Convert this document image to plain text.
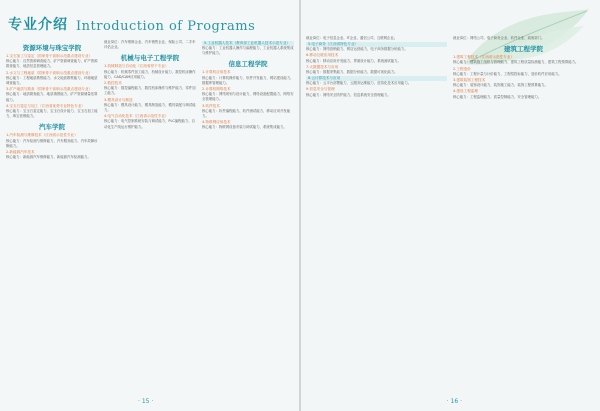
专业介绍 Introduction of Programs
资源环境与珠宝学院
1.宝石加工与鉴定（国家骨干高职示范重点建设专业）
核心能力：自然资源调查能力、矿产资源调查能力、矿产资源勘查能力、地质信息管理能力。
2.水文与工程地质（国家骨干高职示范重点建设专业）
核心能力：工程地质勘察能力、水文地质勘察能力、环境地质调查能力。
3.矿产地质与勘查（国家骨干高职示范重点建设专业）
核心能力：地质勘查能力、地质填图能力、矿产资源储量估算能力。
4.宝玉石鉴定与加工（江西省优势专业特色专业）
核心能力：宝玉石鉴定能力、宝玉石设计能力、宝玉石加工能力、珠宝营销能力。
汽车学院
1.汽车检测与维修技术（江西省示范性专业）
核心能力：汽车检测与维修能力、汽车服务能力、汽车故障诊断能力。
2.新能源汽车技术
核心能力：新能源汽车维修能力、新能源汽车检测能力。
就业岗位：汽车维修企业、汽车销售企业、保险公司、二手车评估企业。
机械与电子工程学院
1.机械制造与自动化（江西省骨干专业）
核心能力：机械零件加工能力、机械设计能力、数控机床操作能力、CAD/CAM应用能力。
2.数控技术
核心能力：数控编程能力、数控机床操作与维护能力、零件加工能力。
3.模具设计与制造
核心能力：模具设计能力、模具制造能力、模具装配与调试能力。
4.电气自动化技术（江西省示范性专业）
核心能力：电气控制系统安装与调试能力、PLC编程能力、自动化生产线运行维护能力。
5.工业机器人技术（教育部工业机器人技术示范专业）
核心能力：工业机器人操作与编程能力、工业机器人系统集成与维护能力。
信息工程学院
1.计算机应用技术
核心能力：计算机操作能力、软件开发能力、网站建设能力、数据库管理能力。
2.计算机网络技术
核心能力：网络规划与设计能力、网络设备配置能力、网络安全管理能力。
3.软件技术
核心能力：软件编程能力、软件测试能力、移动应用开发能力。
4.物联网应用技术
核心能力：物联网设备安装与调试能力、系统集成能力。
· 15 ·
就业岗位：电子信息企业、IT企业、通信公司、互联网企业。
5.电子商务（江西省特色专业）
核心能力：网络营销能力、网店运营能力、电子商务数据分析能力。
6.移动互联应用技术
核心能力：移动应用开发能力、界面设计能力、系统测试能力。
7.大数据技术与应用
核心能力：数据采集能力、数据分析能力、数据可视化能力。
8.云计算技术与应用
核心能力：云平台部署能力、云服务运维能力、虚拟化技术应用能力。
9.信息安全与管理
核心能力：网络安全防护能力、信息系统安全管理能力。
就业岗位：网络公司、电子商务企业、软件企业、政府部门。
建筑工程学院
1.建筑工程技术（江西省示范性专业）
核心能力：建筑施工组织与管理能力、建筑工程质量检测能力、建筑工程预算能力。
2.工程造价
核心能力：工程计量与计价能力、工程招投标能力、造价软件应用能力。
3.建筑装饰工程技术
核心能力：装饰设计能力、装饰施工能力、装饰工程预算能力。
4.建设工程监理
核心能力：工程监理能力、质量控制能力、安全管理能力。
· 16 ·
